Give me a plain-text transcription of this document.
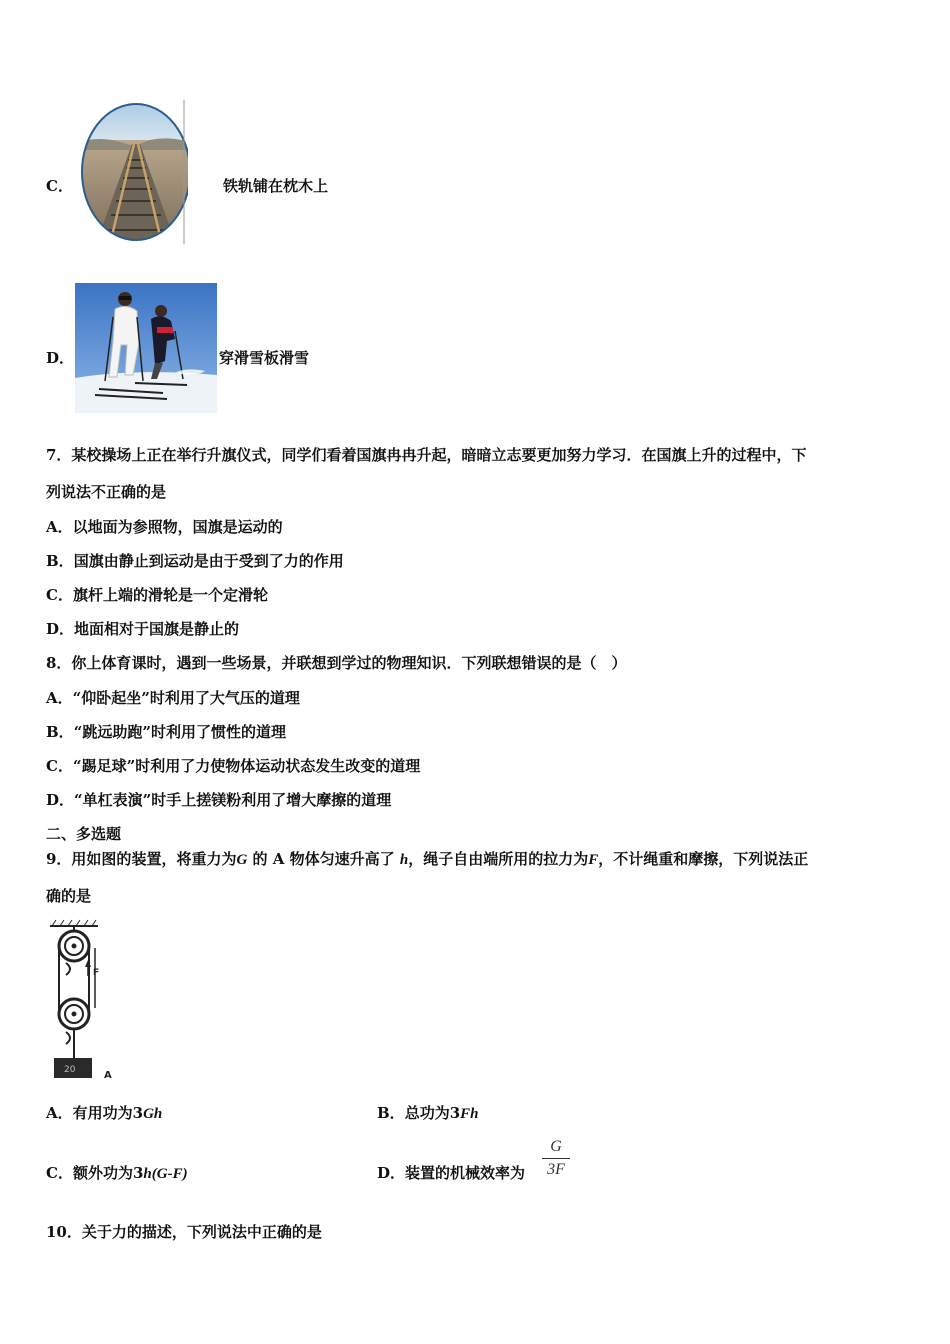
C．	铁轨铺在枕木上
D．	穿滑雪板滑雪
7．某校操场上正在举行升旗仪式，同学们看着国旗冉冉升起，暗暗立志要更加努力学习．在国旗上升的过程中，下
列说法不正确的是
A．以地面为参照物，国旗是运动的
B．国旗由静止到运动是由于受到了力的作用
C．旗杆上端的滑轮是一个定滑轮
D．地面相对于国旗是静止的
8．你上体育课时，遇到一些场景，并联想到学过的物理知识．下列联想错误的是（　）
A．“仰卧起坐”时利用了大气压的道理
B．“跳远助跑”时利用了惯性的道理
C．“踢足球”时利用了力使物体运动状态发生改变的道理
D．“单杠表演”时手上搓镁粉利用了增大摩擦的道理
二、多选题
9．用如图的装置，将重力为G 的 A 物体匀速升高了 h，绳子自由端所用的拉力为F，不计绳重和摩擦，下列说法正
确的是
F
20	A
A．有用功为3Gh	B．总功为3Fh
C．额外功为3h(G-F)	D．装置的机械效率为
G
3F
10．关于力的描述，下列说法中正确的是
